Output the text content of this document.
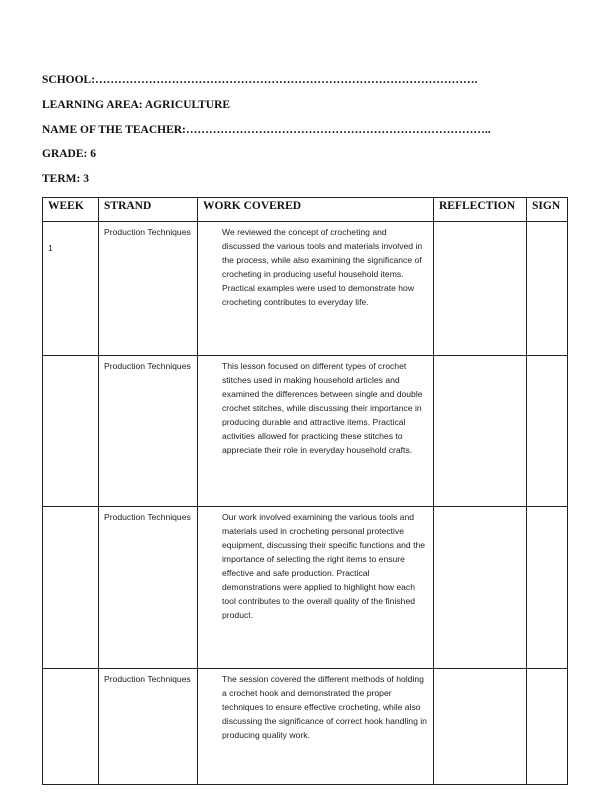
SCHOOL:……………………………………………………………………………………….
LEARNING AREA: AGRICULTURE
NAME OF THE TEACHER:……………………………………………………………………..
GRADE: 6
TERM: 3
WEEK	STRAND	WORK COVERED	REFLECTION	SIGN
1	Production Techniques	We reviewed the concept of crocheting and discussed the various tools and materials involved in the process, while also examining the significance of crocheting in producing useful household items. Practical examples were used to demonstrate how crocheting contributes to everyday life.		
	Production Techniques	This lesson focused on different types of crochet stitches used in making household articles and examined the differences between single and double crochet stitches, while discussing their importance in producing durable and attractive items. Practical activities allowed for practicing these stitches to appreciate their role in everyday household crafts.		
	Production Techniques	Our work involved examining the various tools and materials used in crocheting personal protective equipment, discussing their specific functions and the importance of selecting the right items to ensure effective and safe production. Practical demonstrations were applied to highlight how each tool contributes to the overall quality of the finished product.		
	Production Techniques	The session covered the different methods of holding a crochet hook and demonstrated the proper techniques to ensure effective crocheting, while also discussing the significance of correct hook handling in producing quality work.		
